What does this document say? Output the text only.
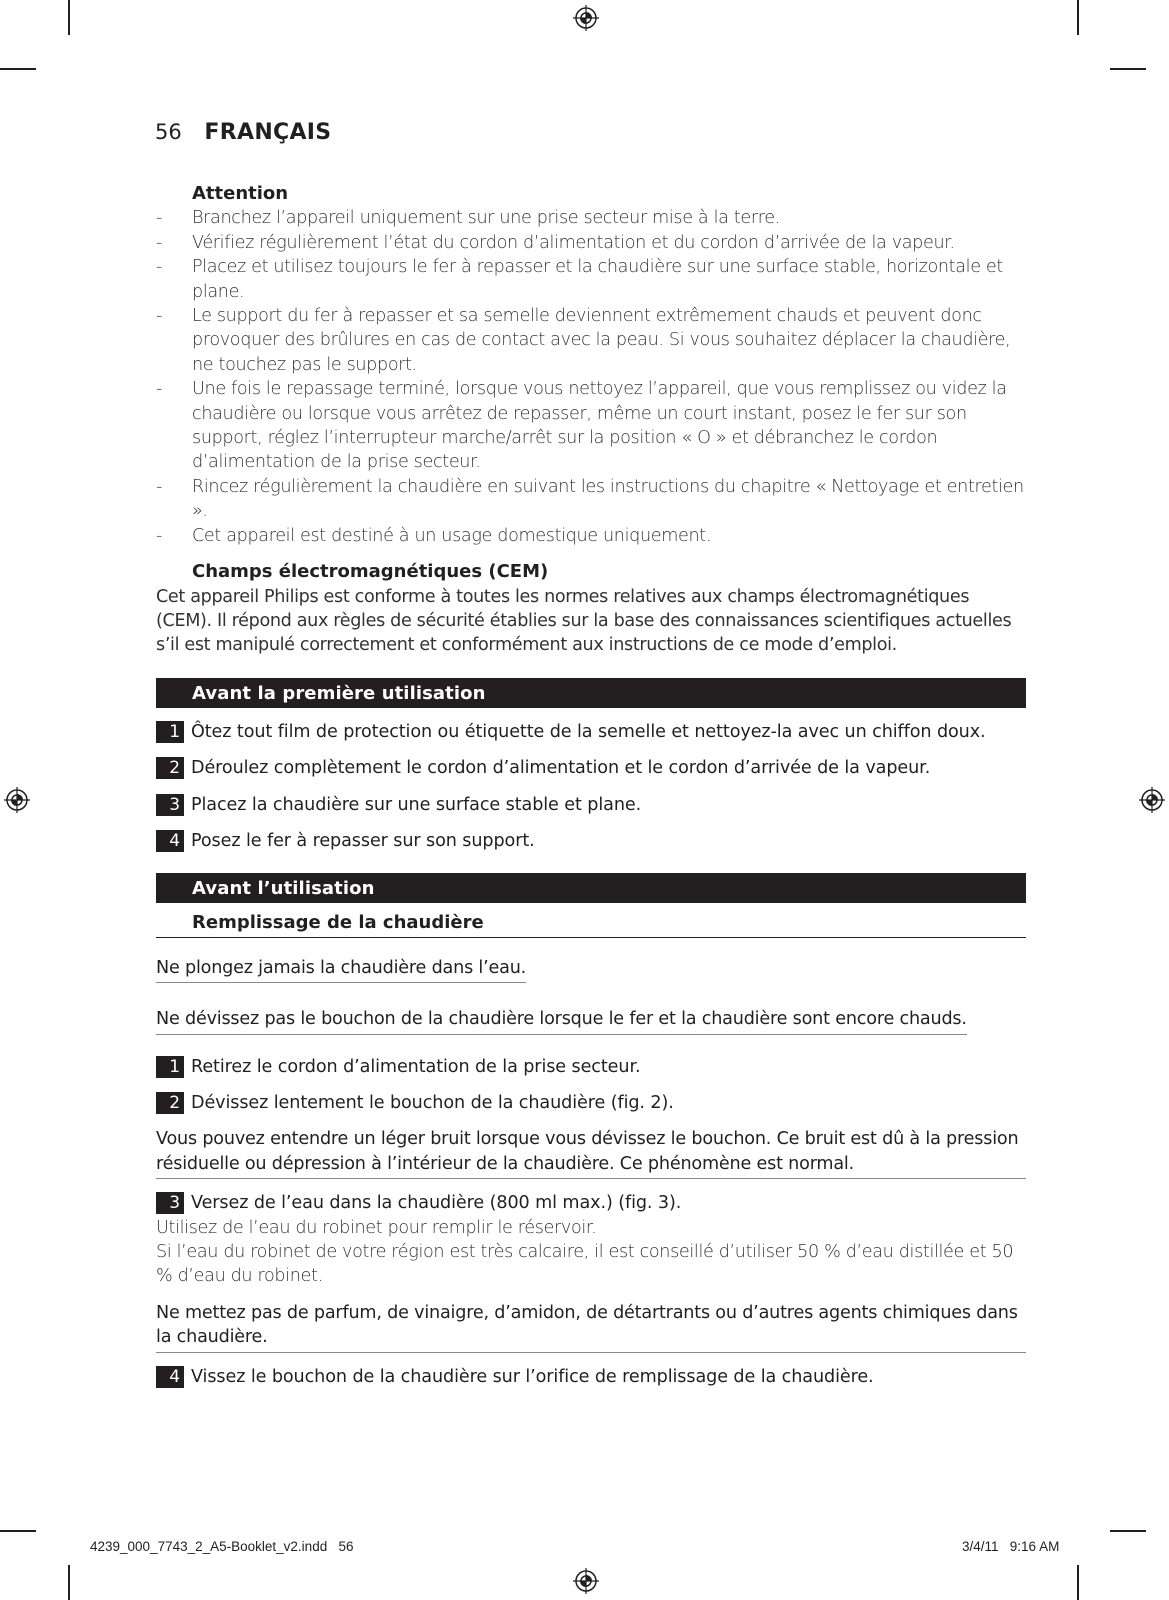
56 FRANÇAIS
Attention
- Branchez l’appareil uniquement sur une prise secteur mise à la terre.
- Vérifiez régulièrement l’état du cordon d’alimentation et du cordon d’arrivée de la vapeur.
- Placez et utilisez toujours le fer à repasser et la chaudière sur une surface stable, horizontale et plane.
- Le support du fer à repasser et sa semelle deviennent extrêmement chauds et peuvent donc provoquer des brûlures en cas de contact avec la peau. Si vous souhaitez déplacer la chaudière, ne touchez pas le support.
- Une fois le repassage terminé, lorsque vous nettoyez l’appareil, que vous remplissez ou videz la chaudière ou lorsque vous arrêtez de repasser, même un court instant, posez le fer sur son support, réglez l’interrupteur marche/arrêt sur la position « O » et débranchez le cordon d’alimentation de la prise secteur.
- Rincez régulièrement la chaudière en suivant les instructions du chapitre « Nettoyage et entretien ».
- Cet appareil est destiné à un usage domestique uniquement.
Champs électromagnétiques (CEM)

Cet appareil Philips est conforme à toutes les normes relatives aux champs électromagnétiques (CEM). Il répond aux règles de sécurité établies sur la base des connaissances scientifiques actuelles s’il est manipulé correctement et conformément aux instructions de ce mode d’emploi.

Avant la première utilisation
1 Ôtez tout film de protection ou étiquette de la semelle et nettoyez-la avec un chiffon doux.
2 Déroulez complètement le cordon d’alimentation et le cordon d’arrivée de la vapeur.
3 Placez la chaudière sur une surface stable et plane.
4 Posez le fer à repasser sur son support.
Avant l’utilisation
Remplissage de la chaudière
Ne plongez jamais la chaudière dans l’eau.
Ne dévissez pas le bouchon de la chaudière lorsque le fer et la chaudière sont encore chauds.
1 Retirez le cordon d’alimentation de la prise secteur.
2 Dévissez lentement le bouchon de la chaudière (fig. 2).
Vous pouvez entendre un léger bruit lorsque vous dévissez le bouchon. Ce bruit est dû à la pression résiduelle ou dépression à l’intérieur de la chaudière. Ce phénomène est normal.
3 Versez de l’eau dans la chaudière (800 ml max.) (fig. 3).
Utilisez de l’eau du robinet pour remplir le réservoir.
Si l’eau du robinet de votre région est très calcaire, il est conseillé d’utiliser 50 % d’eau distillée et 50 % d’eau du robinet.
Ne mettez pas de parfum, de vinaigre, d’amidon, de détartrants ou d’autres agents chimiques dans la chaudière.
4 Vissez le bouchon de la chaudière sur l’orifice de remplissage de la chaudière.
4239_000_7743_2_A5-Booklet_v2.indd   56	3/4/11   9:16 AM
